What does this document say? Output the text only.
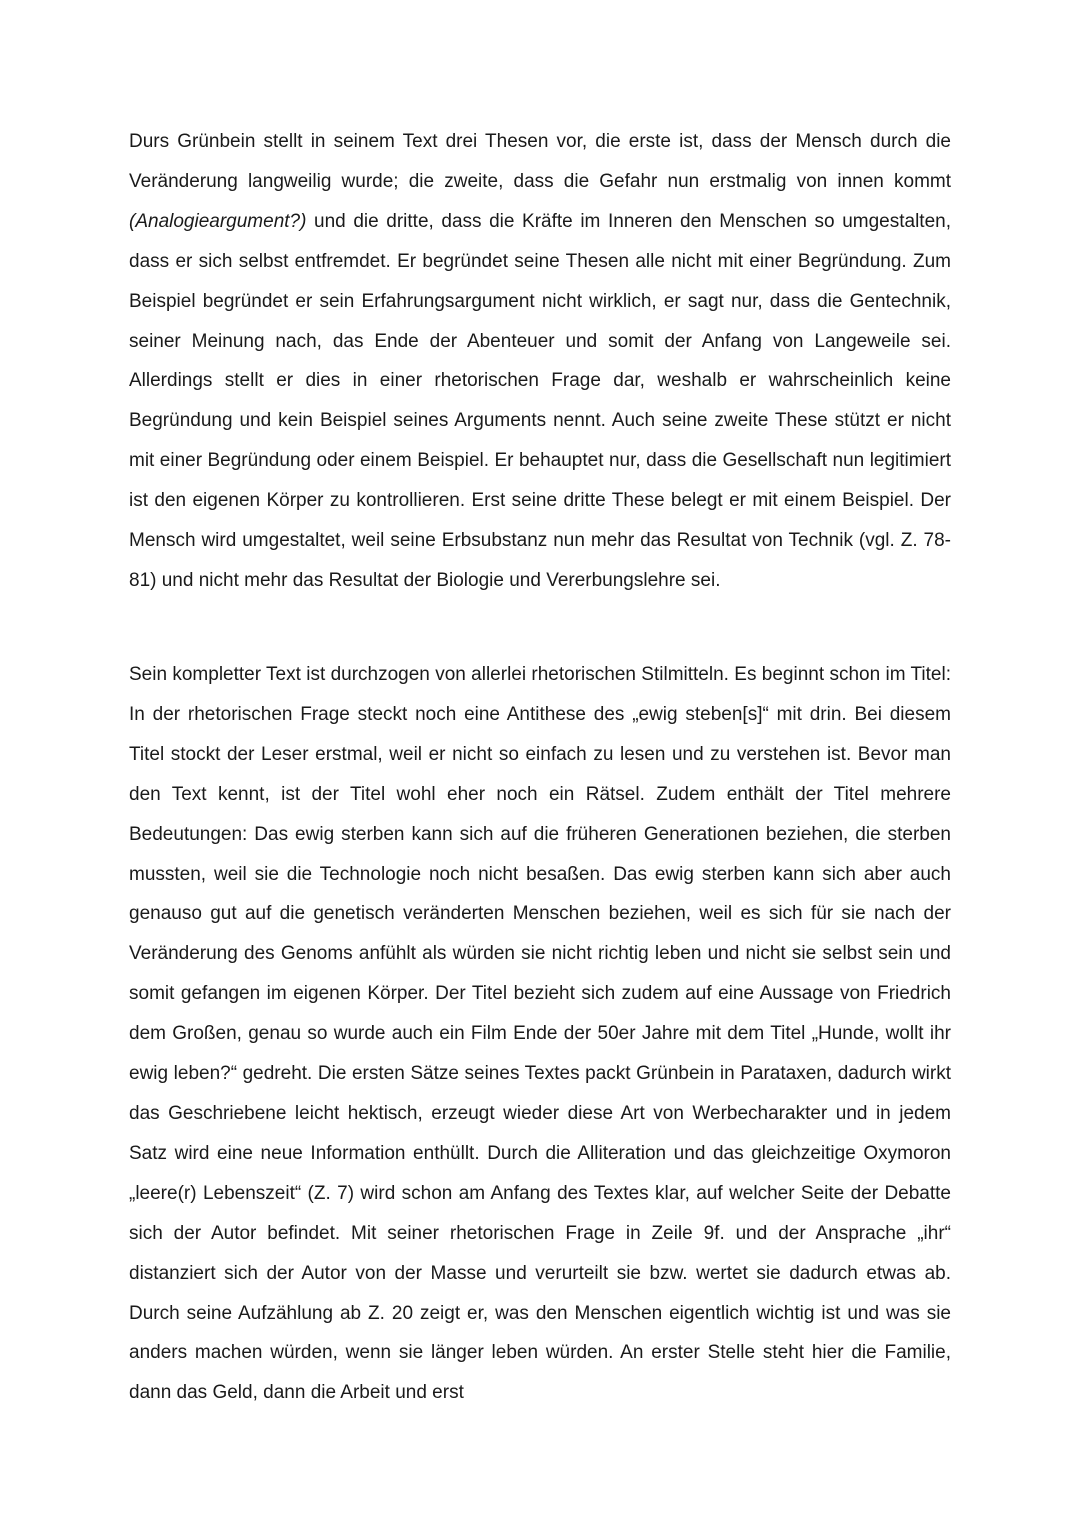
Durs Grünbein stellt in seinem Text drei Thesen vor, die erste ist, dass der Mensch durch die Veränderung langweilig wurde; die zweite, dass die Gefahr nun erstmalig von innen kommt (Analogieargument?) und die dritte, dass die Kräfte im Inneren den Menschen so umgestalten, dass er sich selbst entfremdet. Er begründet seine Thesen alle nicht mit einer Begründung. Zum Beispiel begründet er sein Erfahrungsargument nicht wirklich, er sagt nur, dass die Gentechnik, seiner Meinung nach, das Ende der Abenteuer und somit der Anfang von Langeweile sei. Allerdings stellt er dies in einer rhetorischen Frage dar, weshalb er wahrscheinlich keine Begründung und kein Beispiel seines Arguments nennt. Auch seine zweite These stützt er nicht mit einer Begründung oder einem Beispiel. Er behauptet nur, dass die Gesellschaft nun legitimiert ist den eigenen Körper zu kontrollieren. Erst seine dritte These belegt er mit einem Beispiel. Der Mensch wird umgestaltet, weil seine Erbsubstanz nun mehr das Resultat von Technik (vgl. Z. 78-81) und nicht mehr das Resultat der Biologie und Vererbungslehre sei.

Sein kompletter Text ist durchzogen von allerlei rhetorischen Stilmitteln. Es beginnt schon im Titel: In der rhetorischen Frage steckt noch eine Antithese des „ewig steben[s]“ mit drin. Bei diesem Titel stockt der Leser erstmal, weil er nicht so einfach zu lesen und zu verstehen ist. Bevor man den Text kennt, ist der Titel wohl eher noch ein Rätsel. Zudem enthält der Titel mehrere Bedeutungen: Das ewig sterben kann sich auf die früheren Generationen beziehen, die sterben mussten, weil sie die Technologie noch nicht besaßen. Das ewig sterben kann sich aber auch genauso gut auf die genetisch veränderten Menschen beziehen, weil es sich für sie nach der Veränderung des Genoms anfühlt als würden sie nicht richtig leben und nicht sie selbst sein und somit gefangen im eigenen Körper. Der Titel bezieht sich zudem auf eine Aussage von Friedrich dem Großen, genau so wurde auch ein Film Ende der 50er Jahre mit dem Titel „Hunde, wollt ihr ewig leben?“ gedreht. Die ersten Sätze seines Textes packt Grünbein in Parataxen, dadurch wirkt das Geschriebene leicht hektisch, erzeugt wieder diese Art von Werbecharakter und in jedem Satz wird eine neue Information enthüllt. Durch die Alliteration und das gleichzeitige Oxymoron „leere(r) Lebenszeit“ (Z. 7) wird schon am Anfang des Textes klar, auf welcher Seite der Debatte sich der Autor befindet. Mit seiner rhetorischen Frage in Zeile 9f. und der Ansprache „ihr“ distanziert sich der Autor von der Masse und verurteilt sie bzw. wertet sie dadurch etwas ab. Durch seine Aufzählung ab Z. 20 zeigt er, was den Menschen eigentlich wichtig ist und was sie anders machen würden, wenn sie länger leben würden. An erster Stelle steht hier die Familie, dann das Geld, dann die Arbeit und erst
